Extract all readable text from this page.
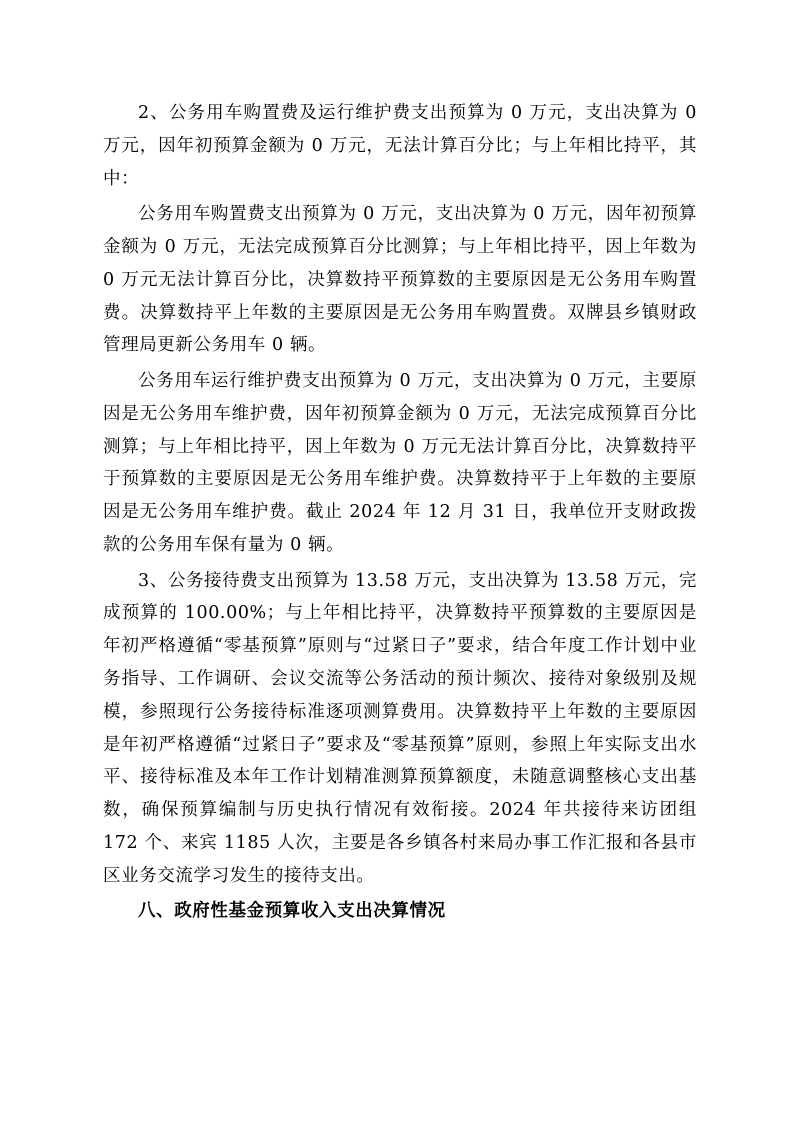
2、公务用车购置费及运行维护费支出预算为 0 万元，支出决算为 0 万元，因年初预算金额为 0 万元，无法计算百分比；与上年相比持平，其中：

公务用车购置费支出预算为 0 万元，支出决算为 0 万元，因年初预算金额为 0 万元，无法完成预算百分比测算；与上年相比持平，因上年数为 0 万元无法计算百分比，决算数持平预算数的主要原因是无公务用车购置费。决算数持平上年数的主要原因是无公务用车购置费。双牌县乡镇财政管理局更新公务用车 0 辆。

公务用车运行维护费支出预算为 0 万元，支出决算为 0 万元，主要原因是无公务用车维护费，因年初预算金额为 0 万元，无法完成预算百分比测算；与上年相比持平，因上年数为 0 万元无法计算百分比，决算数持平于预算数的主要原因是无公务用车维护费。决算数持平于上年数的主要原因是无公务用车维护费。截止 2024 年 12 月 31 日，我单位开支财政拨款的公务用车保有量为 0 辆。

3、公务接待费支出预算为 13.58 万元，支出决算为 13.58 万元，完成预算的 100.00%；与上年相比持平，决算数持平预算数的主要原因是年初严格遵循“零基预算”原则与“过紧日子”要求，结合年度工作计划中业务指导、工作调研、会议交流等公务活动的预计频次、接待对象级别及规模，参照现行公务接待标准逐项测算费用。决算数持平上年数的主要原因是年初严格遵循“过紧日子”要求及“零基预算”原则，参照上年实际支出水平、接待标准及本年工作计划精准测算预算额度，未随意调整核心支出基数，确保预算编制与历史执行情况有效衔接。2024 年共接待来访团组 172 个、来宾 1185 人次，主要是各乡镇各村来局办事工作汇报和各县市区业务交流学习发生的接待支出。

八、政府性基金预算收入支出决算情况
